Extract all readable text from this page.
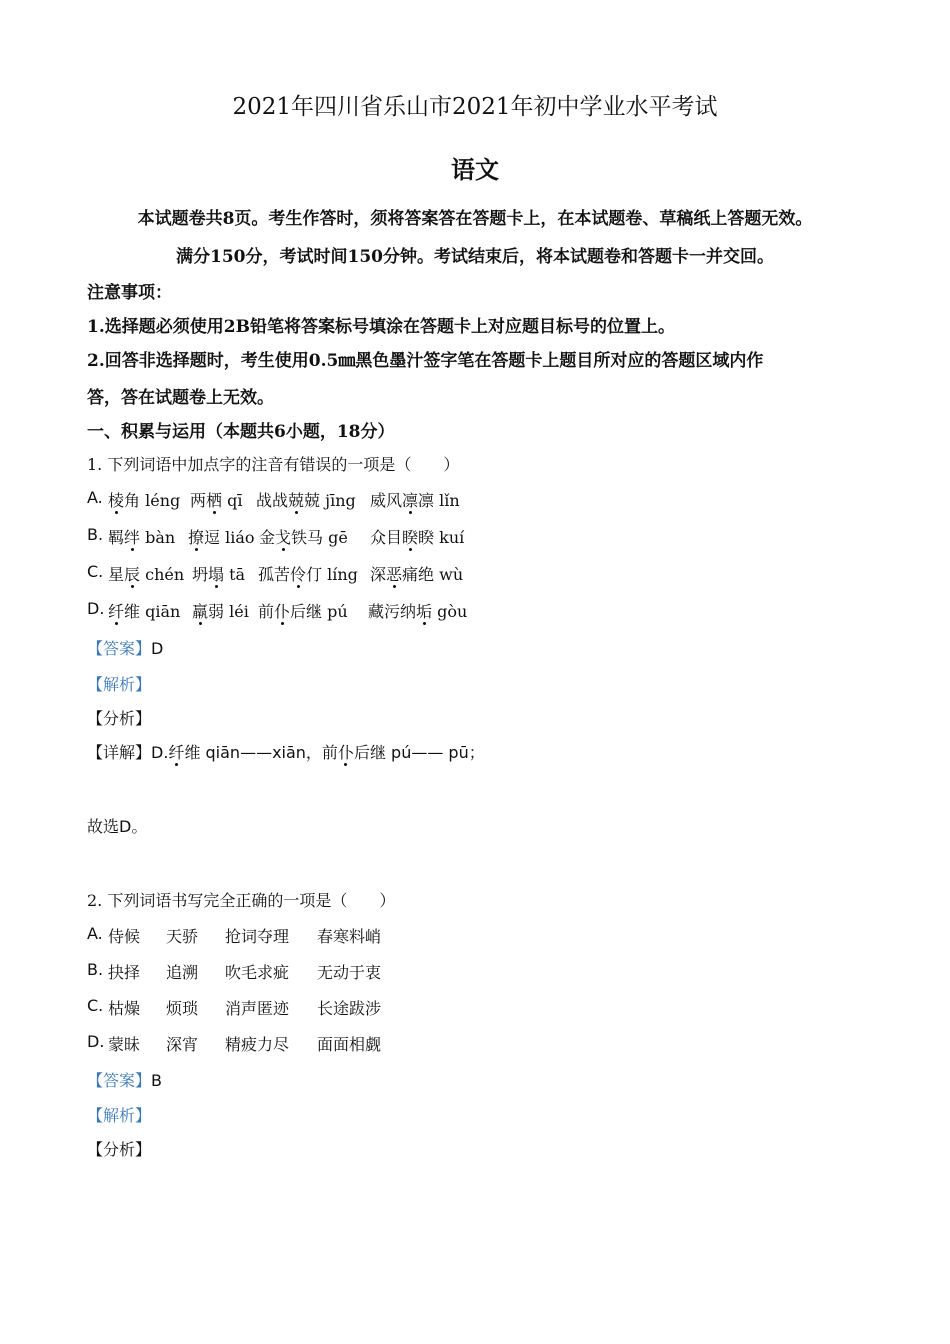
2021年四川省乐山市2021年初中学业水平考试
语文
本试题卷共8页。考生作答时，须将答案答在答题卡上，在本试题卷、草稿纸上答题无效。
满分150分，考试时间150分钟。考试结束后，将本试题卷和答题卡一并交回。
注意事项：
1.选择题必须使用2B铅笔将答案标号填涂在答题卡上对应题目标号的位置上。
2.回答非选择题时，考生使用0.5㎜黑色墨汁签字笔在答题卡上题目所对应的答题区域内作
答，答在试题卷上无效。
一、积累与运用（本题共6小题，18分）
1. 下列词语中加点字的注音有错误的一项是（　　）
A.
B.
C.
D.
棱角 léng 两栖 qī 战战兢兢 jīng 威风凛凛 lǐn
羁绊 bàn 撩逗 liáo 金戈铁马 gē 众目睽睽 kuí
星辰 chén 坍塌 tā 孤苦伶仃 líng 深恶痛绝 wù
纤维 qiān 羸弱 léi 前仆后继 pú 藏污纳垢 gòu
【答案】D
【解析】
【分析】
【详解】D.纤维 qiān——xiān，前仆后继 pú—— pū；
故选D。
2. 下列词语书写完全正确的一项是（　　）
A. 侍候 天骄 抢词夺理 春寒料峭
B. 抉择 追溯 吹毛求疵 无动于衷
C. 枯燥 烦琐 消声匿迹 长途跋涉
D. 蒙昧 深宵 精疲力尽 面面相觑
【答案】B
【解析】
【分析】
